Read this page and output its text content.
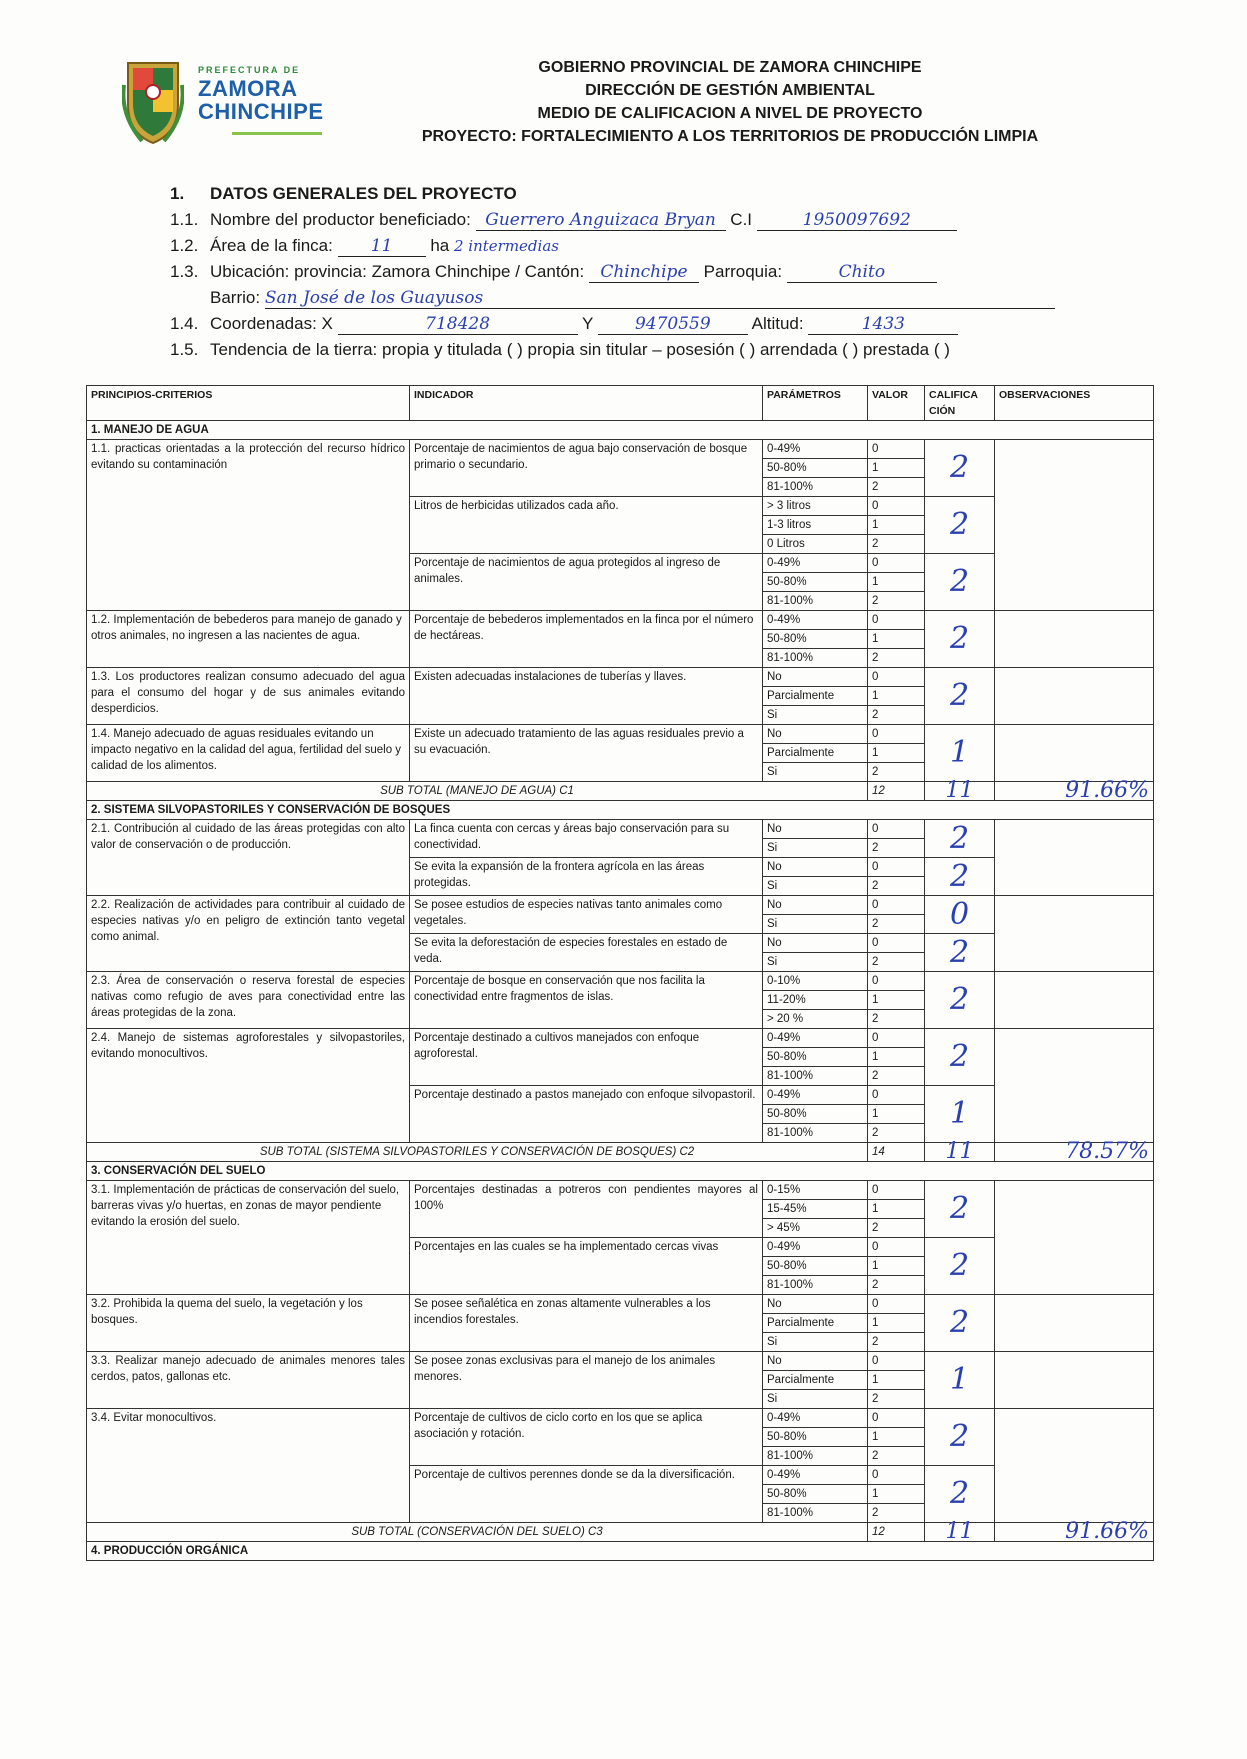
PREFECTURA DE
ZAMORA
CHINCHIPE
GOBIERNO PROVINCIAL DE ZAMORA CHINCHIPE
DIRECCIÓN DE GESTIÓN AMBIENTAL
MEDIO DE CALIFICACION A NIVEL DE PROYECTO
PROYECTO: FORTALECIMIENTO A LOS TERRITORIOS DE PRODUCCIÓN LIMPIA
1. DATOS GENERALES DEL PROYECTO
1.1. Nombre del productor beneficiado: Guerrero Anguizaca Bryan C.I	1950097692
1.2. Área de la finca: 11 ha 2 intermedias
1.3. Ubicación: provincia: Zamora Chinchipe / Cantón: Chinchipe Parroquia:	Chito
Barrio: San José de los Guayusos
1.4. Coordenadas: X	718428	Y 9470559 Altitud:	1433
1.5. Tendencia de la tierra: propia y titulada ( ) propia sin titular – posesión ( ) arrendada ( ) prestada ( )
PRINCIPIOS-CRITERIOS	INDICADOR	PARÁMETROS	VALOR	CALIFICA CIÓN	OBSERVACIONES
1. MANEJO DE AGUA					
1.1. practicas orientadas a la protección del recurso hídrico evitando su contaminación	Porcentaje de nacimientos de agua bajo conservación de bosque primario o secundario.	0-49%	0	2	
		50-80%	1		
		81-100%	2		
	Litros de herbicidas utilizados cada año.	> 3 litros	0	2	
		1-3 litros	1		
		0 Litros	2		
	Porcentaje de nacimientos de agua protegidos al ingreso de animales.	0-49%	0	2	
		50-80%	1		
		81-100%	2		
1.2. Implementación de bebederos para manejo de ganado y otros animales, no ingresen a las nacientes de agua.	Porcentaje de bebederos implementados en la finca por el número de hectáreas.	0-49%	0	2	
		50-80%	1		
		81-100%	2		
1.3. Los productores realizan consumo adecuado del agua para el consumo del hogar y de sus animales evitando desperdicios.	Existen adecuadas instalaciones de tuberías y llaves.	No	0	2	
		Parcialmente	1		
		Si	2		
1.4. Manejo adecuado de aguas residuales evitando un impacto negativo en la calidad del agua, fertilidad del suelo y calidad de los alimentos.	Existe un adecuado tratamiento de las aguas residuales previo a su evacuación.	No	0	1	
		Parcialmente	1		
		Si	2		
SUB TOTAL (MANEJO DE AGUA) C1			12	11	91.66%
2. SISTEMA SILVOPASTORILES Y CONSERVACIÓN DE BOSQUES					
2.1. Contribución al cuidado de las áreas protegidas con alto valor de conservación o de producción.	La finca cuenta con cercas y áreas bajo conservación para su conectividad.	No	0	2	
		Si	2		
	Se evita la expansión de la frontera agrícola en las áreas protegidas.	No	0	2	
		Si	2		
2.2. Realización de actividades para contribuir al cuidado de especies nativas y/o en peligro de extinción tanto vegetal como animal.	Se posee estudios de especies nativas tanto animales como vegetales.	No	0	0	
		Si	2		
	Se evita la deforestación de especies forestales en estado de veda.	No	0	2	
		Si	2		
2.3. Área de conservación o reserva forestal de especies nativas como refugio de aves para conectividad entre las áreas protegidas de la zona.	Porcentaje de bosque en conservación que nos facilita la conectividad entre fragmentos de islas.	0-10%	0	2	
		11-20%	1		
		> 20 %	2		
2.4. Manejo de sistemas agroforestales y silvopastoriles, evitando monocultivos.	Porcentaje destinado a cultivos manejados con enfoque agroforestal.	0-49%	0	2	
		50-80%	1		
		81-100%	2		
	Porcentaje destinado a pastos manejado con enfoque silvopastoril.	0-49%	0	1	
		50-80%	1		
		81-100%	2		
SUB TOTAL (SISTEMA SILVOPASTORILES Y CONSERVACIÓN DE BOSQUES) C2			14	11	78.57%
3. CONSERVACIÓN DEL SUELO					
3.1. Implementación de prácticas de conservación del suelo, barreras vivas y/o huertas, en zonas de mayor pendiente evitando la erosión del suelo.	Porcentajes destinadas a potreros con pendientes mayores al 100%	0-15%	0	2	
		15-45%	1		
		> 45%	2		
	Porcentajes en las cuales se ha implementado cercas vivas	0-49%	0	2	
		50-80%	1		
		81-100%	2		
3.2. Prohibida la quema del suelo, la vegetación y los bosques.	Se posee señalética en zonas altamente vulnerables a los incendios forestales.	No	0	2	
		Parcialmente	1		
		Si	2		
3.3. Realizar manejo adecuado de animales menores tales cerdos, patos, gallonas etc.	Se posee zonas exclusivas para el manejo de los animales menores.	No	0	1	
		Parcialmente	1		
		Si	2		
3.4. Evitar monocultivos.	Porcentaje de cultivos de ciclo corto en los que se aplica asociación y rotación.	0-49%	0	2	
		50-80%	1		
		81-100%	2		
	Porcentaje de cultivos perennes donde se da la diversificación.	0-49%	0	2	
		50-80%	1		
		81-100%	2		
SUB TOTAL (CONSERVACIÓN DEL SUELO) C3			12	11	91.66%
4. PRODUCCIÓN ORGÁNICA					
